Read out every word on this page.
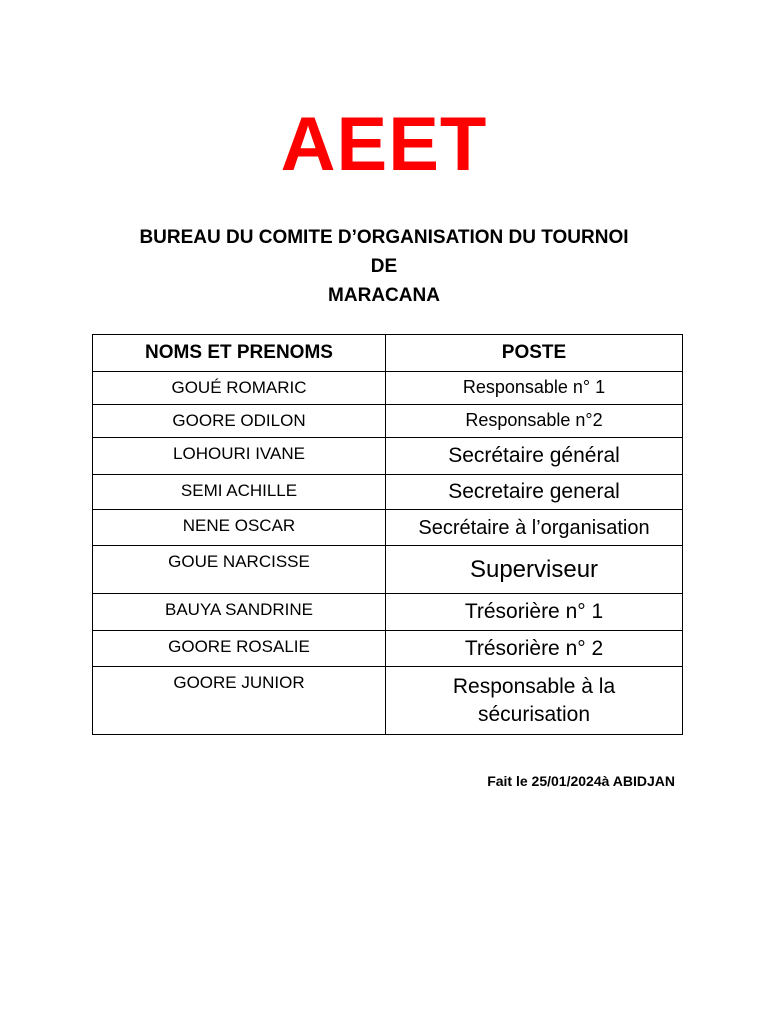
AEET
BUREAU DU COMITE D’ORGANISATION DU TOURNOI
DE
MARACANA
NOMS ET PRENOMS	POSTE
GOUÉ ROMARIC	Responsable n° 1
GOORE ODILON	Responsable n°2
LOHOURI IVANE	Secrétaire général
SEMI ACHILLE	Secretaire general
NENE OSCAR	Secrétaire à l’organisation
GOUE NARCISSE	Superviseur
BAUYA SANDRINE	Trésorière n° 1
GOORE ROSALIE	Trésorière n° 2
GOORE JUNIOR	Responsable à la sécurisation
Fait le 25/01/2024à ABIDJAN
